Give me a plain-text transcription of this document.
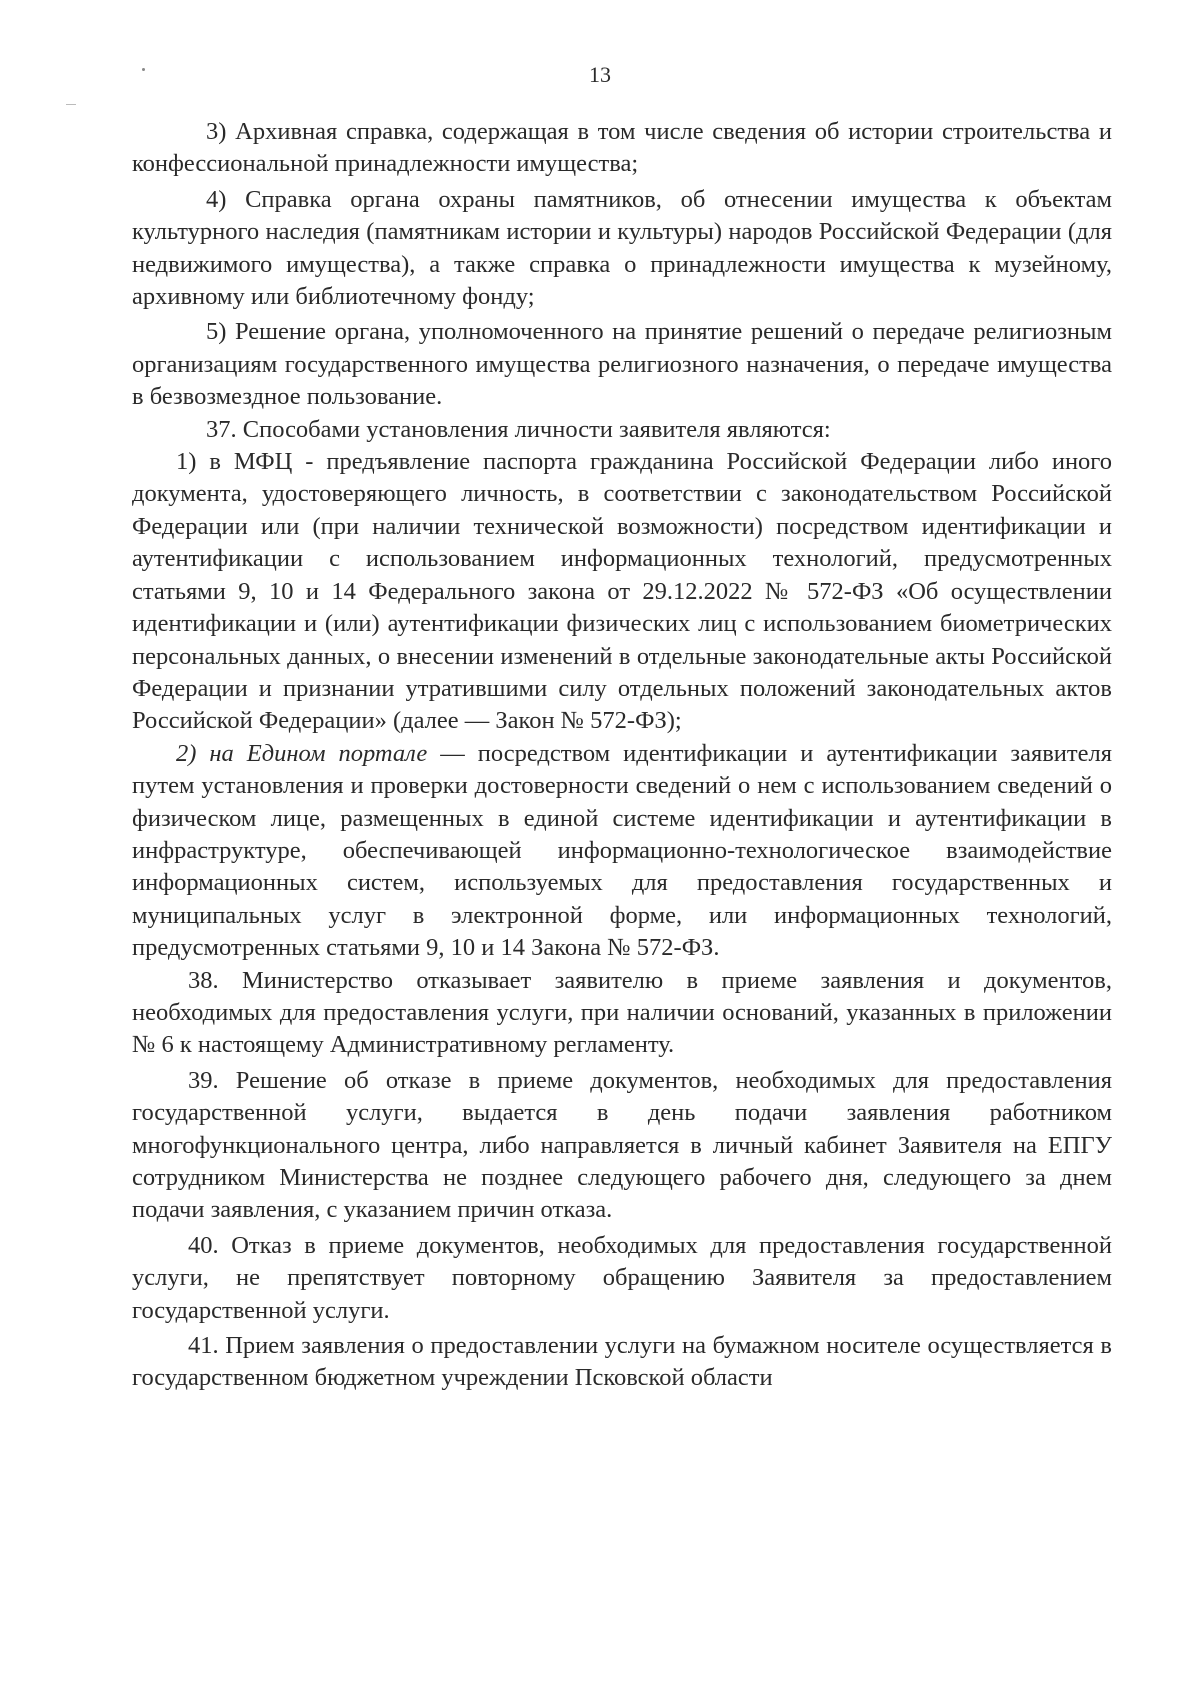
13

3) Архивная справка, содержащая в том числе сведения об истории строительства и конфессиональной принадлежности имущества;

4) Справка органа охраны памятников, об отнесении имущества к объектам культурного наследия (памятникам истории и культуры) народов Российской Федерации (для недвижимого имущества), а также справка о принадлежности имущества к музейному, архивному или библиотечному фонду;

5) Решение органа, уполномоченного на принятие решений о передаче религиозным организациям государственного имущества религиозного назначения, о передаче имущества в безвозмездное пользование.

37. Способами установления личности заявителя являются:

1) в МФЦ - предъявление паспорта гражданина Российской Федерации либо иного документа, удостоверяющего личность, в соответствии с законодательством Российской Федерации или (при наличии технической возможности) посредством идентификации и аутентификации с использованием информационных технологий, предусмотренных статьями 9, 10 и 14 Федерального закона от 29.12.2022 № 572-ФЗ «Об осуществлении идентификации и (или) аутентификации физических лиц с использованием биометрических персональных данных, о внесении изменений в отдельные законодательные акты Российской Федерации и признании утратившими силу отдельных положений законодательных актов Российской Федерации» (далее — Закон № 572-ФЗ);

2) на Едином портале — посредством идентификации и аутентификации заявителя путем установления и проверки достоверности сведений о нем с использованием сведений о физическом лице, размещенных в единой системе идентификации и аутентификации в инфраструктуре, обеспечивающей информационно-технологическое взаимодействие информационных систем, используемых для предоставления государственных и муниципальных услуг в электронной форме, или информационных технологий, предусмотренных статьями 9, 10 и 14 Закона № 572-ФЗ.

38. Министерство отказывает заявителю в приеме заявления и документов, необходимых для предоставления услуги, при наличии оснований, указанных в приложении № 6 к настоящему Административному регламенту.

39. Решение об отказе в приеме документов, необходимых для предоставления государственной услуги, выдается в день подачи заявления работником многофункционального центра, либо направляется в личный кабинет Заявителя на ЕПГУ сотрудником Министерства не позднее следующего рабочего дня, следующего за днем подачи заявления, с указанием причин отказа.

40. Отказ в приеме документов, необходимых для предоставления государственной услуги, не препятствует повторному обращению Заявителя за предоставлением государственной услуги.

41. Прием заявления о предоставлении услуги на бумажном носителе осуществляется в государственном бюджетном учреждении Псковской области
